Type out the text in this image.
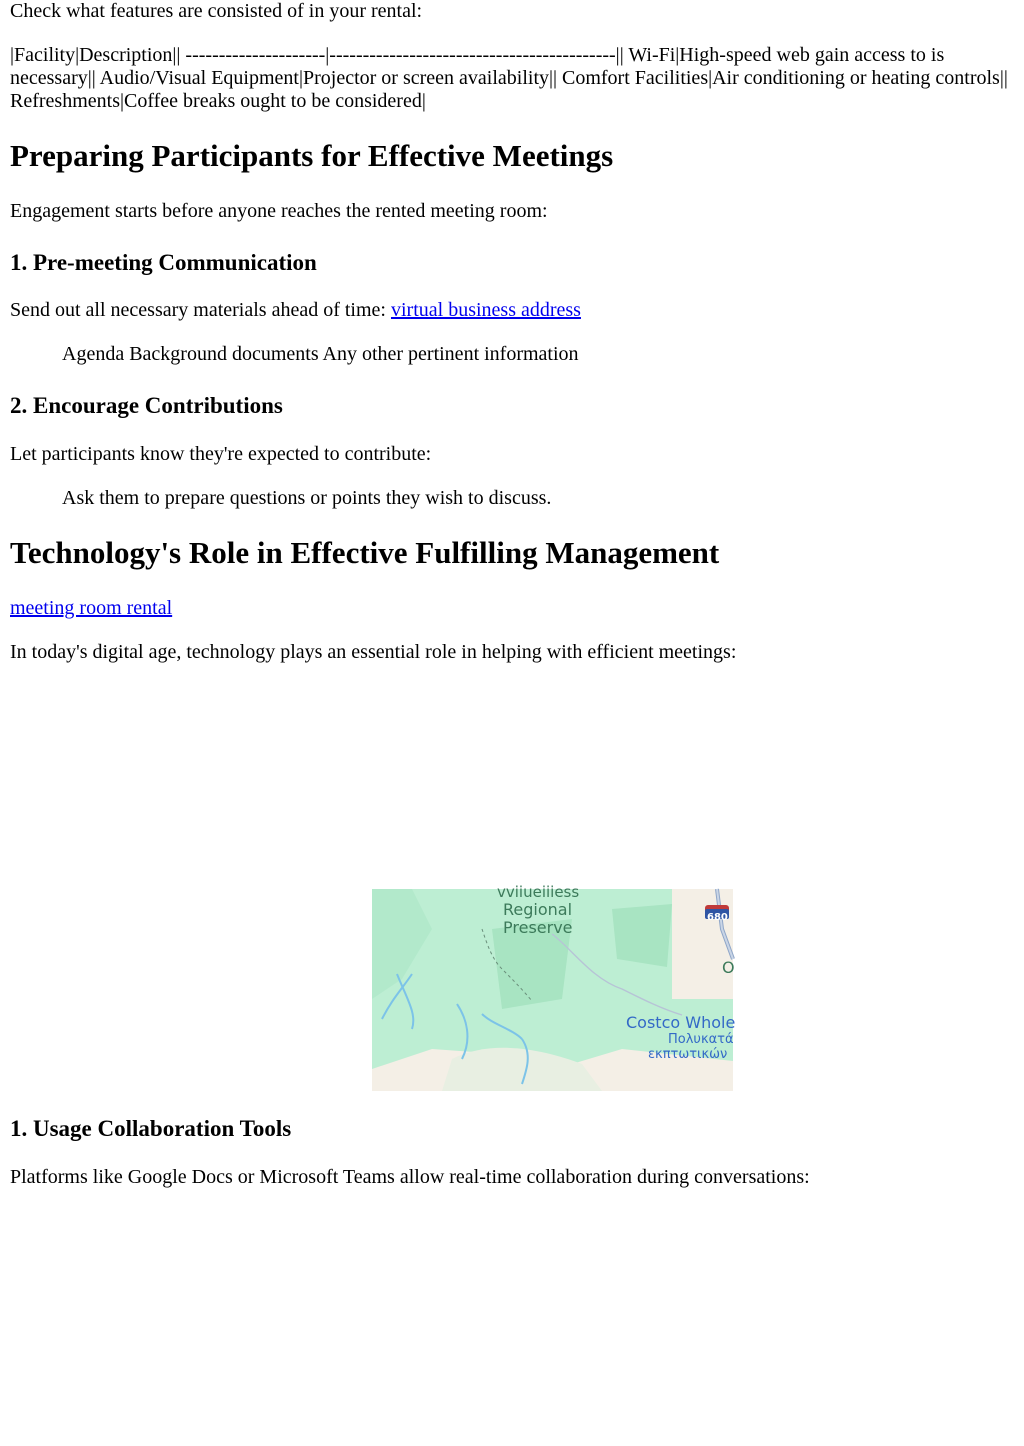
Check what features are consisted of in your rental:

|Facility|Description|| ---------------------|-------------------------------------------|| Wi-Fi|High-speed web gain access to is necessary|| Audio/Visual Equipment|Projector or screen availability|| Comfort Facilities|Air conditioning or heating controls|| Refreshments|Coffee breaks ought to be considered|

Preparing Participants for Effective Meetings

Engagement starts before anyone reaches the rented meeting room:

1. Pre-meeting Communication

Send out all necessary materials ahead of time: virtual business address

Agenda Background documents Any other pertinent information

2. Encourage Contributions

Let participants know they're expected to contribute:

Ask them to prepare questions or points they wish to discuss.

Technology's Role in Effective Fulfilling Management

meeting room rental

In today's digital age, technology plays an essential role in helping with efficient meetings:

vviiueiiiess
Regional
Preserve
680
O
Costco Whole
Πολυκατά
εκπτωτικών
1. Usage Collaboration Tools

Platforms like Google Docs or Microsoft Teams allow real-time collaboration during conversations:
